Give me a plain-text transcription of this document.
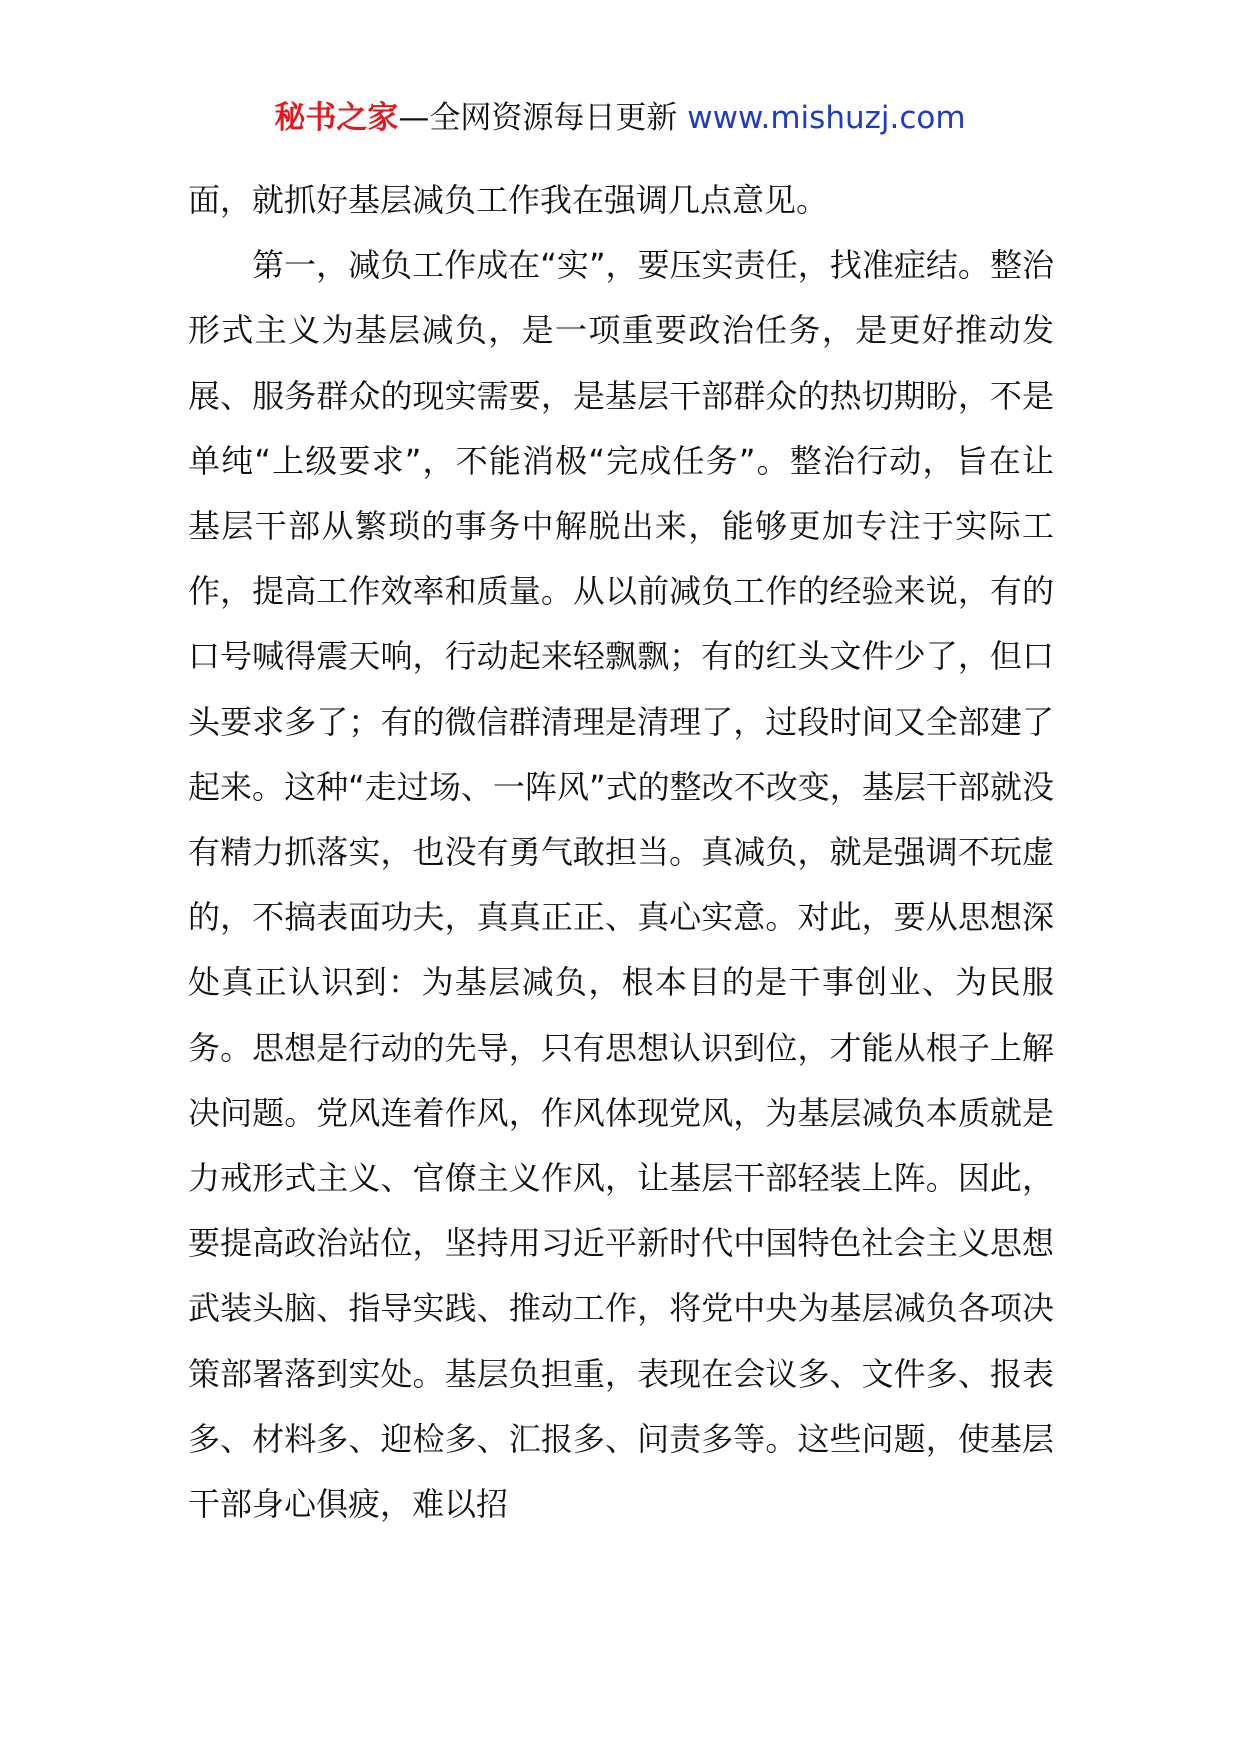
秘书之家—全网资源每日更新 www.mishuzj.com

面，就抓好基层减负工作我在强调几点意见。

第一，减负工作成在“实”，要压实责任，找准症结。整治形式主义为基层减负，是一项重要政治任务，是更好推动发展、服务群众的现实需要，是基层干部群众的热切期盼，不是单纯“上级要求”，不能消极“完成任务”。整治行动，旨在让基层干部从繁琐的事务中解脱出来，能够更加专注于实际工作，提高工作效率和质量。从以前减负工作的经验来说，有的口号喊得震天响，行动起来轻飘飘；有的红头文件少了，但口头要求多了；有的微信群清理是清理了，过段时间又全部建了起来。这种“走过场、一阵风”式的整改不改变，基层干部就没有精力抓落实，也没有勇气敢担当。真减负，就是强调不玩虚的，不搞表面功夫，真真正正、真心实意。对此，要从思想深处真正认识到：为基层减负，根本目的是干事创业、为民服务。思想是行动的先导，只有思想认识到位，才能从根子上解决问题。党风连着作风，作风体现党风，为基层减负本质就是力戒形式主义、官僚主义作风，让基层干部轻装上阵。因此，要提高政治站位，坚持用习近平新时代中国特色社会主义思想武装头脑、指导实践、推动工作，将党中央为基层减负各项决策部署落到实处。基层负担重，表现在会议多、文件多、报表多、材料多、迎检多、汇报多、问责多等。这些问题，使基层干部身心俱疲，难以招
